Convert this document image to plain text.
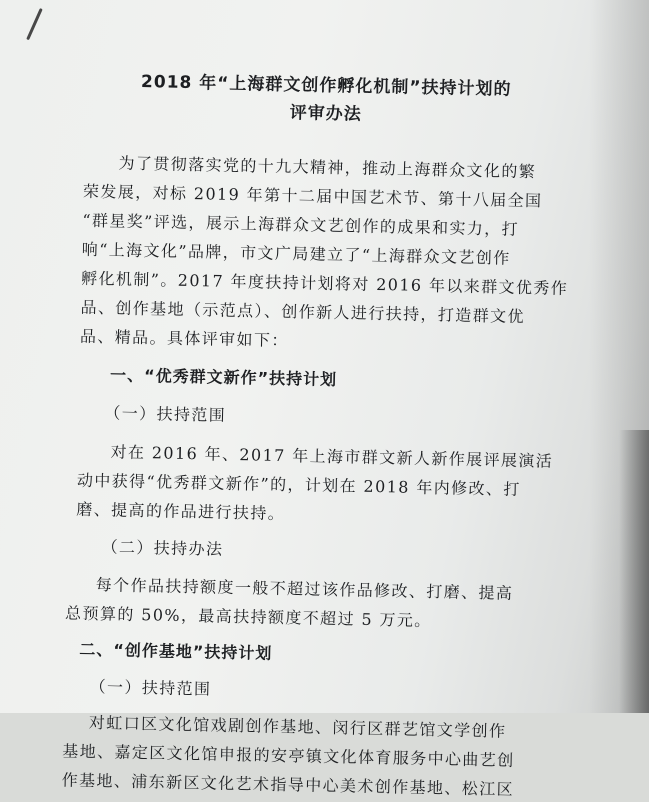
2018 年“上海群文创作孵化机制”扶持计划的
评审办法
为了贯彻落实党的十九大精神，推动上海群众文化的繁
荣发展，对标 2019 年第十二届中国艺术节、第十八届全国
“群星奖”评选，展示上海群众文艺创作的成果和实力，打
响“上海文化”品牌，市文广局建立了“上海群众文艺创作
孵化机制”。2017 年度扶持计划将对 2016 年以来群文优秀作
品、创作基地（示范点）、创作新人进行扶持，打造群文优
品、精品。具体评审如下：
一、“优秀群文新作”扶持计划
（一）扶持范围
对在 2016 年、2017 年上海市群文新人新作展评展演活
动中获得“优秀群文新作”的，计划在 2018 年内修改、打
磨、提高的作品进行扶持。
（二）扶持办法
每个作品扶持额度一般不超过该作品修改、打磨、提高
总预算的 50%，最高扶持额度不超过 5 万元。
二、“创作基地”扶持计划
（一）扶持范围
对虹口区文化馆戏剧创作基地、闵行区群艺馆文学创作
基地、嘉定区文化馆申报的安亭镇文化体育服务中心曲艺创
作基地、浦东新区文化艺术指导中心美术创作基地、松江区
